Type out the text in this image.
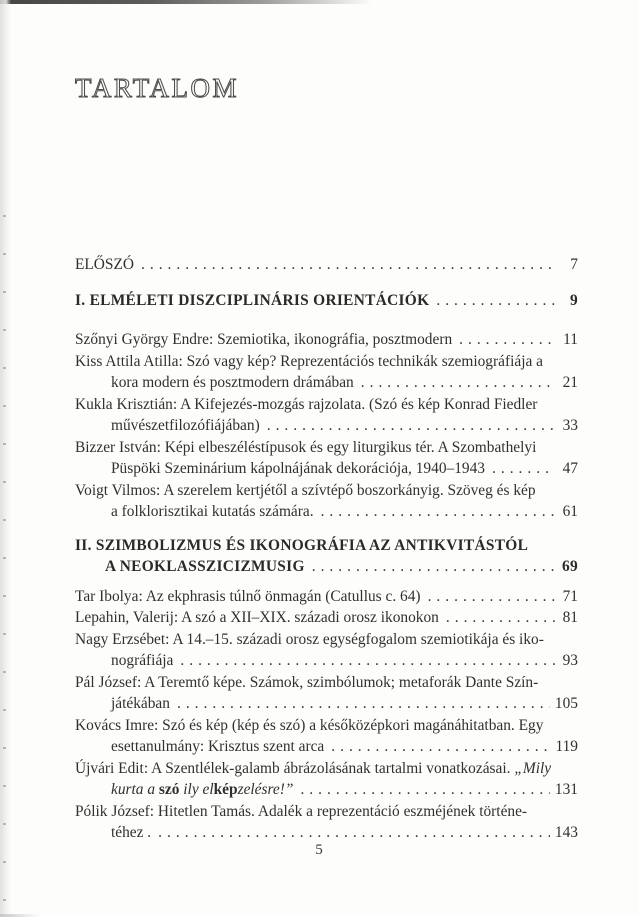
TARTALOM
ELŐSZÓ .....	7
I. ELMÉLETI DISZCIPLINÁRIS ORIENTÁCIÓK .....	9
Szőnyi György Endre: Szemiotika, ikonográfia, posztmodern .....	11
Kiss Attila Atilla: Szó vagy kép? Reprezentációs technikák szemiográfiája a
kora modern és posztmodern drámában .....	21
Kukla Krisztián: A Kifejezés-mozgás rajzolata. (Szó és kép Konrad Fiedler
művészetfilozófiájában) .....	33
Bizzer István: Képi elbeszéléstípusok és egy liturgikus tér. A Szombathelyi
Püspöki Szeminárium kápolnájának dekorációja, 1940–1943 .....	47
Voigt Vilmos: A szerelem kertjétől a szívtépő boszorkányig. Szöveg és kép
a folklorisztikai kutatás számára. .....	61
II. SZIMBOLIZMUS ÉS IKONOGRÁFIA AZ ANTIKVITÁSTÓL
A NEOKLASSZICIZMUSIG .....	69
Tar Ibolya: Az ekphrasis túlnő önmagán (Catullus c. 64) .....	71
Lepahin, Valerij: A szó a XII–XIX. századi orosz ikonokon .....	81
Nagy Erzsébet: A 14.–15. századi orosz egységfogalom szemiotikája és iko-
nográfiája .....	93
Pál József: A Teremtő képe. Számok, szimbólumok; metaforák Dante Szín-
játékában .....	105
Kovács Imre: Szó és kép (kép és szó) a későközépkori magánáhitatban. Egy
esettanulmány: Krisztus szent arca .....	119
Újvári Edit: A Szentlélek-galamb ábrázolásának tartalmi vonatkozásai. „Mily
kurta a szó ily elképzelésre!” .....	131
Pólik József: Hitetlen Tamás. Adalék a reprezentáció eszméjének történe-
téhez . .....	143
5
